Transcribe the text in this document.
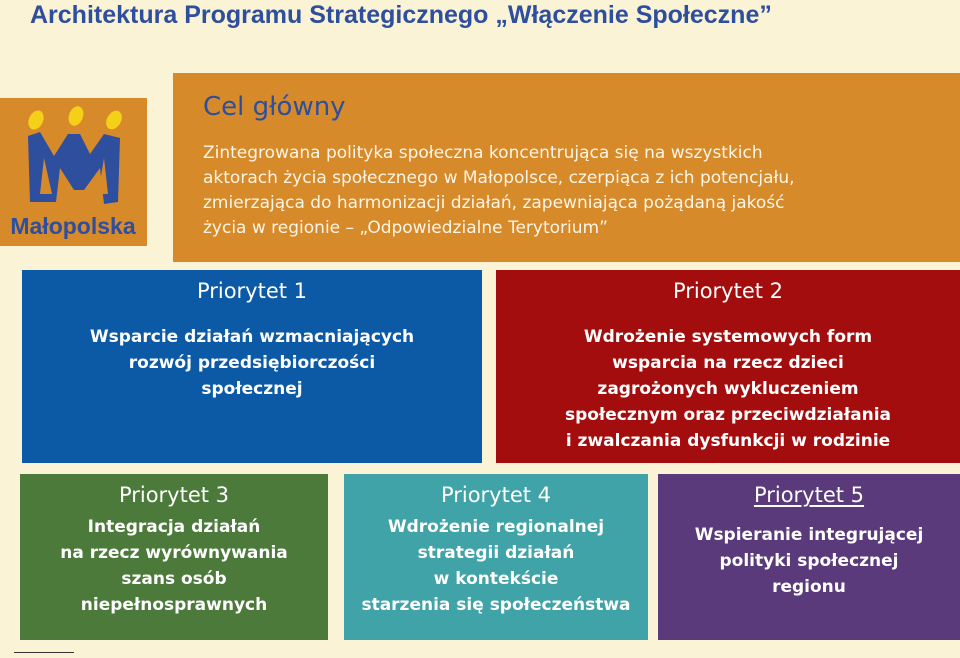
Architektura Programu Strategicznego „Włączenie Społeczne”
Małopolska
Cel główny
Zintegrowana polityka społeczna koncentrująca się na wszystkich
aktorach życia społecznego w Małopolsce, czerpiąca z ich potencjału,
zmierzająca do harmonizacji działań, zapewniająca pożądaną jakość
życia w regionie – „Odpowiedzialne Terytorium”
Priorytet 1
Wsparcie działań wzmacniających
rozwój przedsiębiorczości
społecznej
Priorytet 2
Wdrożenie systemowych form
wsparcia na rzecz dzieci
zagrożonych wykluczeniem
społecznym oraz przeciwdziałania
i zwalczania dysfunkcji w rodzinie
Priorytet 3
Integracja działań
na rzecz wyrównywania
szans osób
niepełnosprawnych
Priorytet 4
Wdrożenie regionalnej
strategii działań
w kontekście
starzenia się społeczeństwa
Priorytet 5
Wspieranie integrującej
polityki społecznej
regionu
